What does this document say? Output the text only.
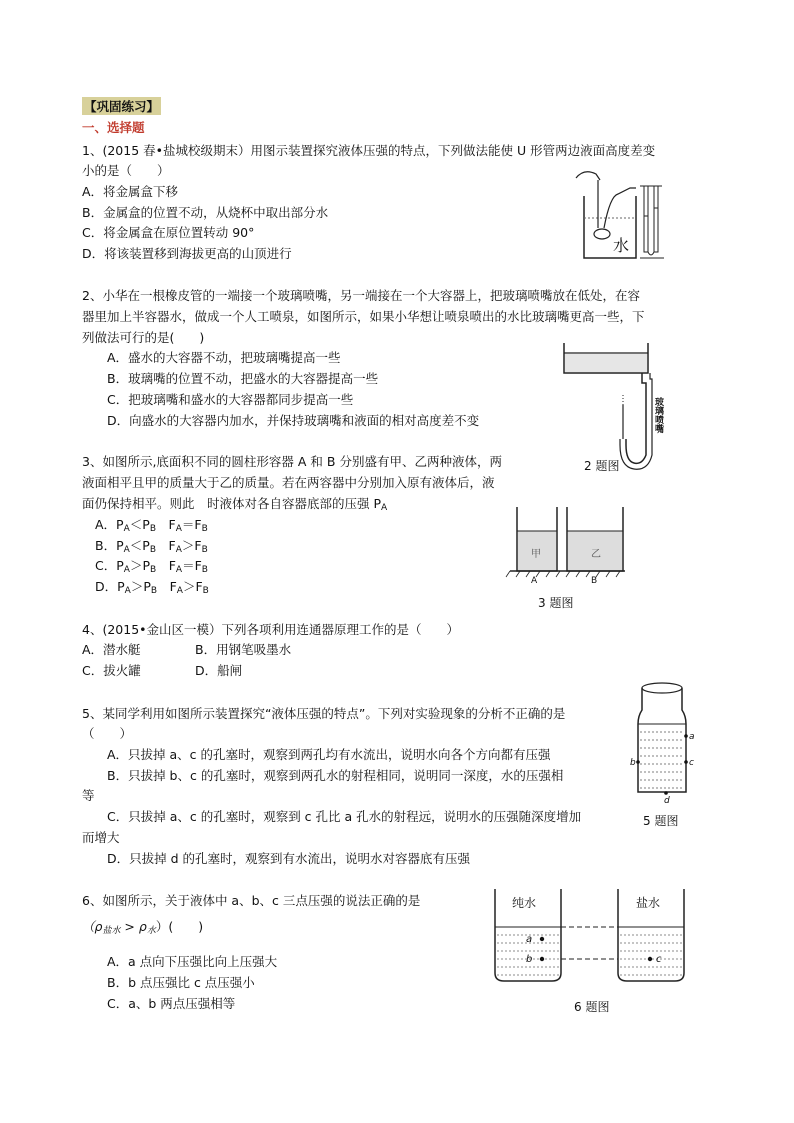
【巩固练习】
一、选择题
1、(2015 春•盐城校级期末）用图示装置探究液体压强的特点，下列做法能使 U 形管两边液面高度差变
小的是（　　）
A．将金属盒下移
B．金属盒的位置不动，从烧杯中取出部分水
C．将金属盒在原位置转动 90°
D．将该装置移到海拔更高的山顶进行	水
2、小华在一根橡皮管的一端接一个玻璃喷嘴，另一端接在一个大容器上，把玻璃喷嘴放在低处，在容
器里加上半容器水，做成一个人工喷泉，如图所示，如果小华想让喷泉喷出的水比玻璃嘴更高一些，下
列做法可行的是(　　)
A．盛水的大容器不动，把玻璃嘴提高一些
B．玻璃嘴的位置不动，把盛水的大容器提高一些
C．把玻璃嘴和盛水的大容器都同步提高一些
D．向盛水的大容器内加水，并保持玻璃嘴和液面的相对高度差不变	玻璃喷嘴
2 题图
3、如图所示,底面积不同的圆柱形容器 A 和 B 分别盛有甲、乙两种液体，两
液面相平且甲的质量大于乙的质量。若在两容器中分别加入原有液体后，液
面仍保持相平。则此　时液体对各自容器底部的压强 $P_A$
A．$P_A<P_B$　$F_A=F_B$
B．$P_A<P_B$　$F_A>F_B$
C．$P_A>P_B$　$F_A=F_B$
D．$P_A>P_B$　$F_A>F_B$
甲	乙
A	B
3 题图
4、(2015•金山区一模）下列各项利用连通器原理工作的是（　　）
A．潜水艇	B．用钢笔吸墨水
C．拔火罐	D．船闸
5、某同学利用如图所示装置探究“液体压强的特点”。下列对实验现象的分析不正确的是
（　　）
A．只拔掉 a、c 的孔塞时，观察到两孔均有水流出，说明水向各个方向都有压强
B．只拔掉 b、c 的孔塞时，观察到两孔水的射程相同，说明同一深度，水的压强相
等
C．只拔掉 a、c 的孔塞时，观察到 c 孔比 a 孔水的射程远，说明水的压强随深度增加
而增大
D．只拔掉 d 的孔塞时，观察到有水流出，说明水对容器底有压强
a
b	c
d
5 题图
6、如图所示，关于液体中 a、b、c 三点压强的说法正确的是
$(\rho_{盐水} > \rho_水)$(　　)
A．a 点向下压强比向上压强大
B．b 点压强比 c 点压强小
C．a、b 两点压强相等
纯水	盐水
a
b	c
6 题图
